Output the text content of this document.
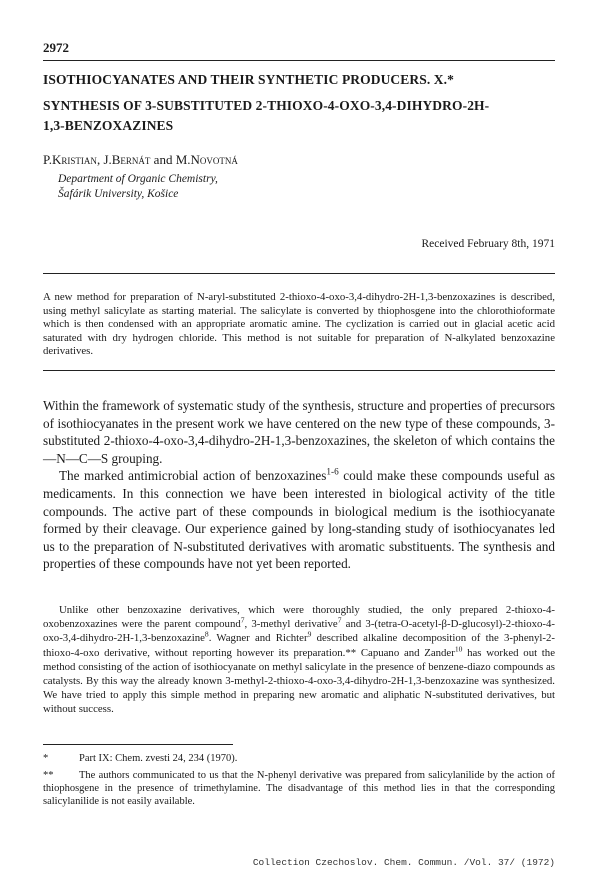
2972
ISOTHIOCYANATES AND THEIR SYNTHETIC PRODUCERS. X.*
SYNTHESIS OF 3-SUBSTITUTED 2-THIOXO-4-OXO-3,4-DIHYDRO-2H-
1,3-BENZOXAZINES
P.Kristian, J.Bernát and M.Novotná
Department of Organic Chemistry,
Šafárik University, Košice
Received February 8th, 1971
A new method for preparation of N-aryl-substituted 2-thioxo-4-oxo-3,4-dihydro-2H-1,3-benzoxazines is described, using methyl salicylate as starting material. The salicylate is converted by thiophosgene into the chlorothioformate which is then condensed with an appropriate aromatic amine. The cyclization is carried out in glacial acetic acid saturated with dry hydrogen chloride. This method is not suitable for preparation of N-alkylated benzoxazine derivatives.

Within the framework of systematic study of the synthesis, structure and properties of precursors of isothiocyanates in the present work we have centered on the new type of these compounds, 3-substituted 2-thioxo-4-oxo-3,4-dihydro-2H-1,3-benzoxazines, the skeleton of which contains the —N—C—S grouping.

The marked antimicrobial action of benzoxazines$^{1-6}$ could make these compounds useful as medicaments. In this connection we have been interested in biological activity of the title compounds. The active part of these compounds in biological medium is the isothiocyanate formed by their cleavage. Our experience gained by long-standing study of isothiocyanates led us to the preparation of N-substituted derivatives with aromatic substituents. The synthesis and properties of these compounds have not yet been reported.

Unlike other benzoxazine derivatives, which were thoroughly studied, the only prepared 2-thioxo-4-oxobenzoxazines were the parent compound$^7$, 3-methyl derivative$^7$ and 3-(tetra-O-acetyl-β-D-glucosyl)-2-thioxo-4-oxo-3,4-dihydro-2H-1,3-benzoxazine$^8$. Wagner and Richter$^9$ described alkaline decomposition of the 3-phenyl-2-thioxo-4-oxo derivative, without reporting however its preparation.** Capuano and Zander$^{10}$ has worked out the method consisting of the action of isothiocyanate on methyl salicylate in the presence of benzene-diazo compounds as catalysts. By this way the already known 3-methyl-2-thioxo-4-oxo-3,4-dihydro-2H-1,3-benzoxazine was synthesized. We have tried to apply this simple method in preparing new aromatic and aliphatic N-substituted derivatives, but without success.
*	Part IX: Chem. zvesti 24, 234 (1970).
** The authors communicated to us that the N-phenyl derivative was prepared from salicylanilide by the action of thiophosgene in the presence of trimethylamine. The disadvantage of this method lies in that the corresponding salicylanilide is not easily available.
Collection Czechoslov. Chem. Commun. /Vol. 37/ (1972)
